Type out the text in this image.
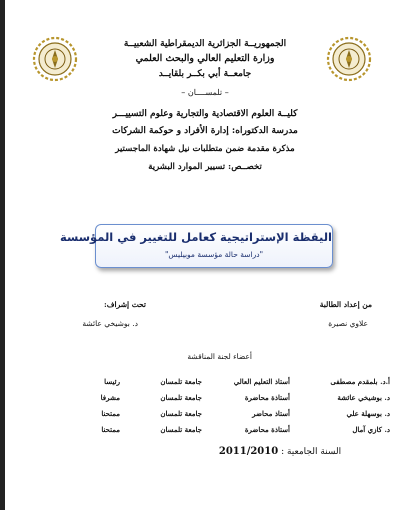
الجمهوريــة الجزائرية الديمقراطية الشعبيــة
وزارة التعليم العالي والبحث العلمي
جامعــة أبي بكــر بلقايــد
– تلمســــان –
كليــة العلوم الاقتصادية والتجارية وعلوم التسييـــر
مدرسة الدكتوراه: إدارة الأفراد و حوكمة الشركات
مذكرة مقدمة ضمن متطلبات نيل شهادة الماجستير
تخصــص: تسيير الموارد البشرية
اليقظة الإستراتيجية كعامل للتغيير في المؤسسة
"دراسة حالة مؤسسة موبيليس"
من إعداد الطالبة
علاوي نصيرة
تحت إشراف:
د. بوشيخي عائشة
أعضاء لجنة المناقشة
أ.د. بلمقدم مصطفى
أستاذ التعليم العالي
جامعة تلمسان
رئيسا
د. بوشيخي عائشة
أستاذة محاضرة
جامعة تلمسان
مشرفا
د. بوسهلة علي
أستاذ محاضر
جامعة تلمسان
ممتحنا
د. كازي آمال
أستاذة محاضرة
جامعة تلمسان
ممتحنا
السنة الجامعية : 2011/2010
